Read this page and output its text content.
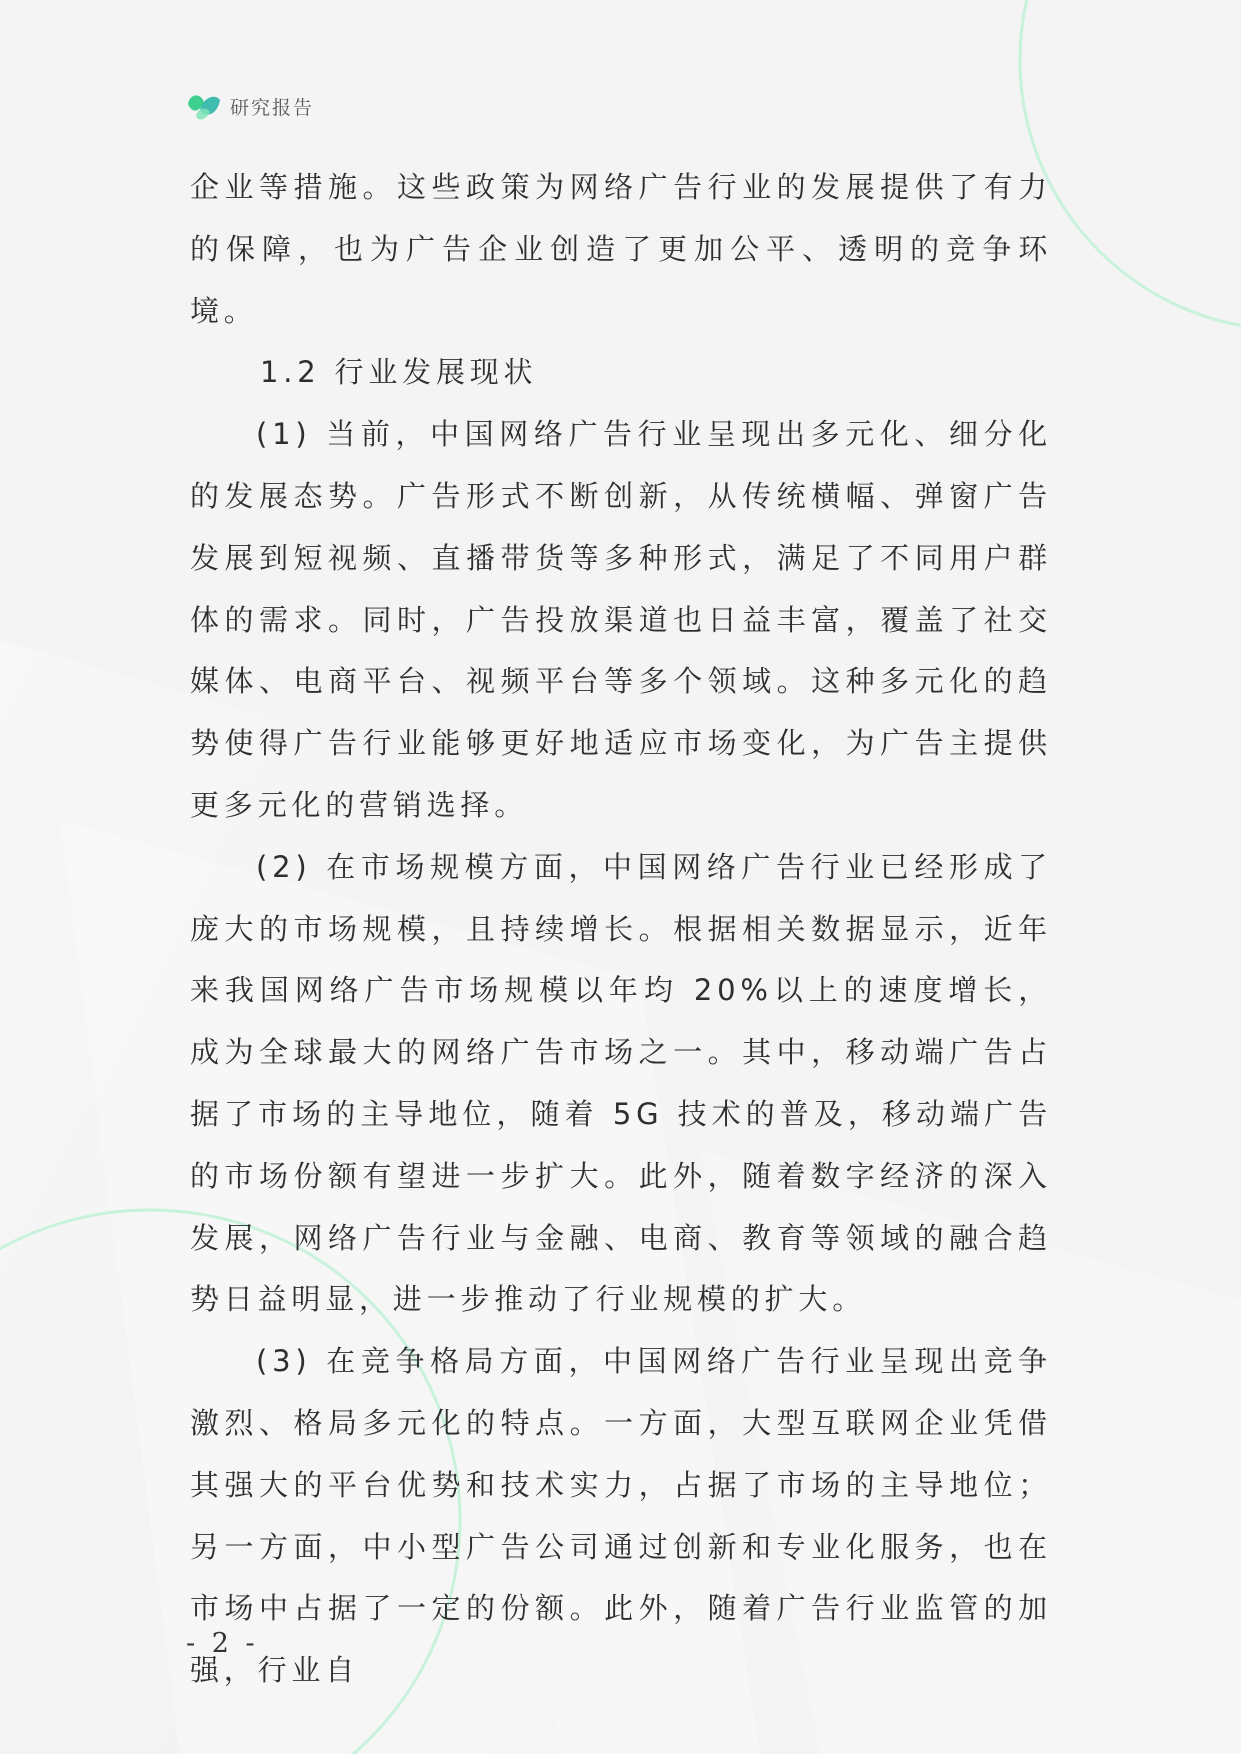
研究报告

企业等措施。这些政策为网络广告行业的发展提供了有力的保障，也为广告企业创造了更加公平、透明的竞争环境。

1.2 行业发展现状

(1) 当前，中国网络广告行业呈现出多元化、细分化的发展态势。广告形式不断创新，从传统横幅、弹窗广告发展到短视频、直播带货等多种形式，满足了不同用户群体的需求。同时，广告投放渠道也日益丰富，覆盖了社交媒体、电商平台、视频平台等多个领域。这种多元化的趋势使得广告行业能够更好地适应市场变化，为广告主提供更多元化的营销选择。

(2) 在市场规模方面，中国网络广告行业已经形成了庞大的市场规模，且持续增长。根据相关数据显示，近年来我国网络广告市场规模以年均 20%以上的速度增长，成为全球最大的网络广告市场之一。其中，移动端广告占据了市场的主导地位，随着 5G 技术的普及，移动端广告的市场份额有望进一步扩大。此外，随着数字经济的深入发展，网络广告行业与金融、电商、教育等领域的融合趋势日益明显，进一步推动了行业规模的扩大。

(3) 在竞争格局方面，中国网络广告行业呈现出竞争激烈、格局多元化的特点。一方面，大型互联网企业凭借其强大的平台优势和技术实力，占据了市场的主导地位；另一方面，中小型广告公司通过创新和专业化服务，也在市场中占据了一定的份额。此外，随着广告行业监管的加强，行业自

- 2 -
